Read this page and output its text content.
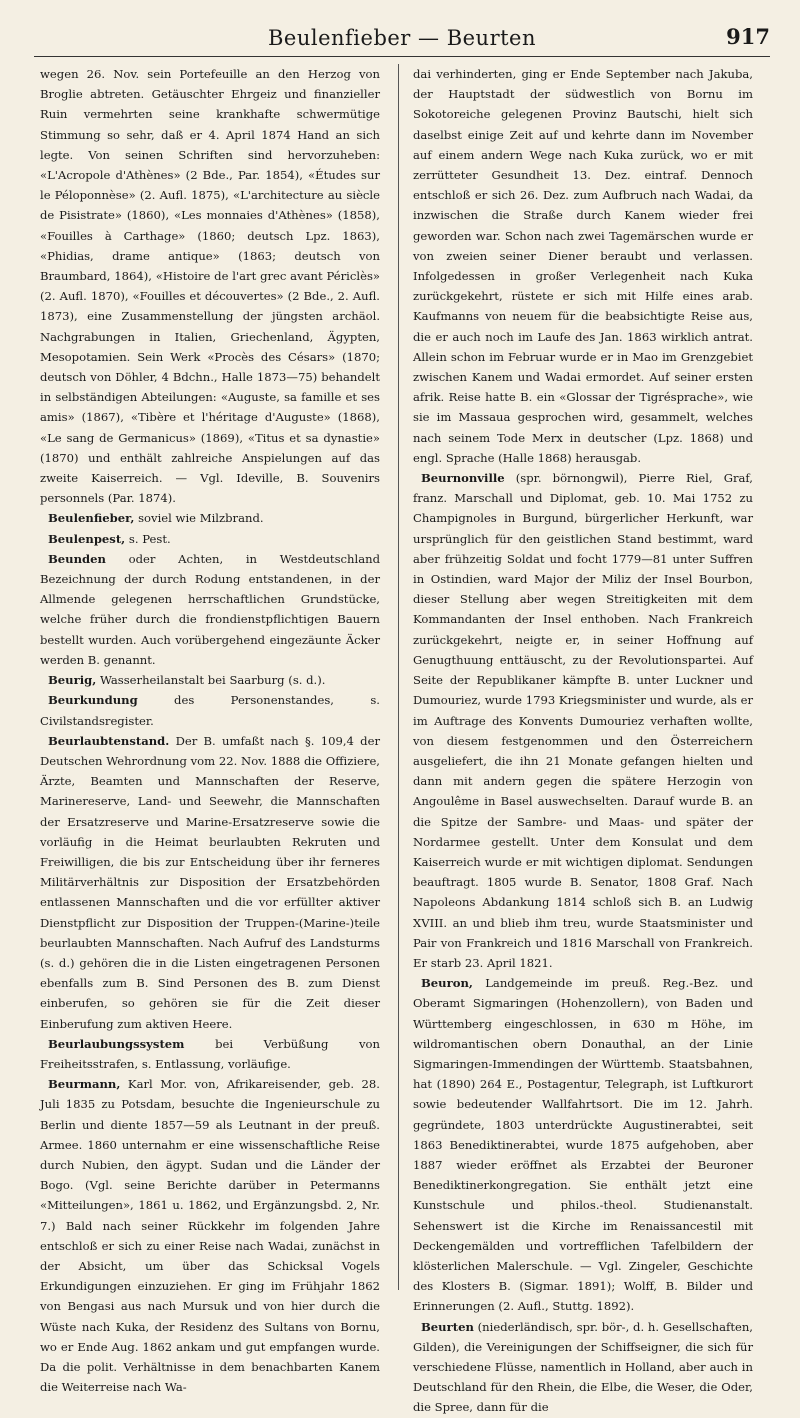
Beulenfieber — Beurten	917

wegen 26. Nov. sein Portefeuille an den Herzog von Broglie abtreten. Getäuschter Ehrgeiz und finanzieller Ruin vermehrten seine krankhafte schwermütige Stimmung so sehr, daß er 4. April 1874 Hand an sich legte. Von seinen Schriften sind hervorzuheben: «L'Acropole d'Athènes» (2 Bde., Par. 1854), «Études sur le Péloponnèse» (2. Aufl. 1875), «L'architecture au siècle de Pisistrate» (1860), «Les monnaies d'Athènes» (1858), «Fouilles à Carthage» (1860; deutsch Lpz. 1863), «Phidias, drame antique» (1863; deutsch von Braumbard, 1864), «Histoire de l'art grec avant Périclès» (2. Aufl. 1870), «Fouilles et découvertes» (2 Bde., 2. Aufl. 1873), eine Zusammenstellung der jüngsten archäol. Nachgrabungen in Italien, Griechenland, Ägypten, Mesopotamien. Sein Werk «Procès des Césars» (1870; deutsch von Döhler, 4 Bdchn., Halle 1873—75) behandelt in selbständigen Abteilungen: «Auguste, sa famille et ses amis» (1867), «Tibère et l'héritage d'Auguste» (1868), «Le sang de Germanicus» (1869), «Titus et sa dynastie» (1870) und enthält zahlreiche Anspielungen auf das zweite Kaiserreich. — Vgl. Ideville, B. Souvenirs personnels (Par. 1874).

Beulenfieber, soviel wie Milzbrand.

Beulenpest, s. Pest.

Beunden oder Achten, in Westdeutschland Bezeichnung der durch Rodung entstandenen, in der Allmende gelegenen herrschaftlichen Grundstücke, welche früher durch die frondienstpflichtigen Bauern bestellt wurden. Auch vorübergehend eingezäunte Äcker werden B. genannt.

Beurig, Wasserheilanstalt bei Saarburg (s. d.).

Beurkundung des Personenstandes, s. Civilstandsregister.

Beurlaubtenstand. Der B. umfaßt nach §. 109,4 der Deutschen Wehrordnung vom 22. Nov. 1888 die Offiziere, Ärzte, Beamten und Mannschaften der Reserve, Marinereserve, Land- und Seewehr, die Mannschaften der Ersatzreserve und Marine-Ersatzreserve sowie die vorläufig in die Heimat beurlaubten Rekruten und Freiwilligen, die bis zur Entscheidung über ihr ferneres Militärverhältnis zur Disposition der Ersatzbehörden entlassenen Mannschaften und die vor erfüllter aktiver Dienstpflicht zur Disposition der Truppen-(Marine-)teile beurlaubten Mannschaften. Nach Aufruf des Landsturms (s. d.) gehören die in die Listen eingetragenen Personen ebenfalls zum B. Sind Personen des B. zum Dienst einberufen, so gehören sie für die Zeit dieser Einberufung zum aktiven Heere.

Beurlaubungssystem bei Verbüßung von Freiheitsstrafen, s. Entlassung, vorläufige.

Beurmann, Karl Mor. von, Afrikareisender, geb. 28. Juli 1835 zu Potsdam, besuchte die Ingenieurschule zu Berlin und diente 1857—59 als Leutnant in der preuß. Armee. 1860 unternahm er eine wissenschaftliche Reise durch Nubien, den ägypt. Sudan und die Länder der Bogo. (Vgl. seine Berichte darüber in Petermanns «Mitteilungen», 1861 u. 1862, und Ergänzungsbd. 2, Nr. 7.) Bald nach seiner Rückkehr im folgenden Jahre entschloß er sich zu einer Reise nach Wadai, zunächst in der Absicht, um über das Schicksal Vogels Erkundigungen einzuziehen. Er ging im Frühjahr 1862 von Bengasi aus nach Mursuk und von hier durch die Wüste nach Kuka, der Residenz des Sultans von Bornu, wo er Ende Aug. 1862 ankam und gut empfangen wurde. Da die polit. Verhältnisse in dem benachbarten Kanem die Weiterreise nach Wa-

dai verhinderten, ging er Ende September nach Jakuba, der Hauptstadt der südwestlich von Bornu im Sokotoreiche gelegenen Provinz Bautschi, hielt sich daselbst einige Zeit auf und kehrte dann im November auf einem andern Wege nach Kuka zurück, wo er mit zerrütteter Gesundheit 13. Dez. eintraf. Dennoch entschloß er sich 26. Dez. zum Aufbruch nach Wadai, da inzwischen die Straße durch Kanem wieder frei geworden war. Schon nach zwei Tagemärschen wurde er von zweien seiner Diener beraubt und verlassen. Infolgedessen in großer Verlegenheit nach Kuka zurückgekehrt, rüstete er sich mit Hilfe eines arab. Kaufmanns von neuem für die beabsichtigte Reise aus, die er auch noch im Laufe des Jan. 1863 wirklich antrat. Allein schon im Februar wurde er in Mao im Grenzgebiet zwischen Kanem und Wadai ermordet. Auf seiner ersten afrik. Reise hatte B. ein «Glossar der Tigrésprache», wie sie im Massaua gesprochen wird, gesammelt, welches nach seinem Tode Merx in deutscher (Lpz. 1868) und engl. Sprache (Halle 1868) herausgab.

Beurnonville (spr. börnongwil), Pierre Riel, Graf, franz. Marschall und Diplomat, geb. 10. Mai 1752 zu Champignoles in Burgund, bürgerlicher Herkunft, war ursprünglich für den geistlichen Stand bestimmt, ward aber frühzeitig Soldat und focht 1779—81 unter Suffren in Ostindien, ward Major der Miliz der Insel Bourbon, dieser Stellung aber wegen Streitigkeiten mit dem Kommandanten der Insel enthoben. Nach Frankreich zurückgekehrt, neigte er, in seiner Hoffnung auf Genugthuung enttäuscht, zu der Revolutionspartei. Auf Seite der Republikaner kämpfte B. unter Luckner und Dumouriez, wurde 1793 Kriegsminister und wurde, als er im Auftrage des Konvents Dumouriez verhaften wollte, von diesem festgenommen und den Österreichern ausgeliefert, die ihn 21 Monate gefangen hielten und dann mit andern gegen die spätere Herzogin von Angoulême in Basel auswechselten. Darauf wurde B. an die Spitze der Sambre- und Maas- und später der Nordarmee gestellt. Unter dem Konsulat und dem Kaiserreich wurde er mit wichtigen diplomat. Sendungen beauftragt. 1805 wurde B. Senator, 1808 Graf. Nach Napoleons Abdankung 1814 schloß sich B. an Ludwig XVIII. an und blieb ihm treu, wurde Staatsminister und Pair von Frankreich und 1816 Marschall von Frankreich. Er starb 23. April 1821.

Beuron, Landgemeinde im preuß. Reg.-Bez. und Oberamt Sigmaringen (Hohenzollern), von Baden und Württemberg eingeschlossen, in 630 m Höhe, im wildromantischen obern Donauthal, an der Linie Sigmaringen-Immendingen der Württemb. Staatsbahnen, hat (1890) 264 E., Postagentur, Telegraph, ist Luftkurort sowie bedeutender Wallfahrtsort. Die im 12. Jahrh. gegründete, 1803 unterdrückte Augustinerabtei, seit 1863 Benediktinerabtei, wurde 1875 aufgehoben, aber 1887 wieder eröffnet als Erzabtei der Beuroner Benediktinerkongregation. Sie enthält jetzt eine Kunstschule und philos.-theol. Studienanstalt. Sehenswert ist die Kirche im Renaissancestil mit Deckengemälden und vortrefflichen Tafelbildern der klösterlichen Malerschule. — Vgl. Zingeler, Geschichte des Klosters B. (Sigmar. 1891); Wolff, B. Bilder und Erinnerungen (2. Aufl., Stuttg. 1892).

Beurten (niederländisch, spr. bör-, d. h. Gesellschaften, Gilden), die Vereinigungen der Schiffseigner, die sich für verschiedene Flüsse, namentlich in Holland, aber auch in Deutschland für den Rhein, die Elbe, die Weser, die Oder, die Spree, dann für die
